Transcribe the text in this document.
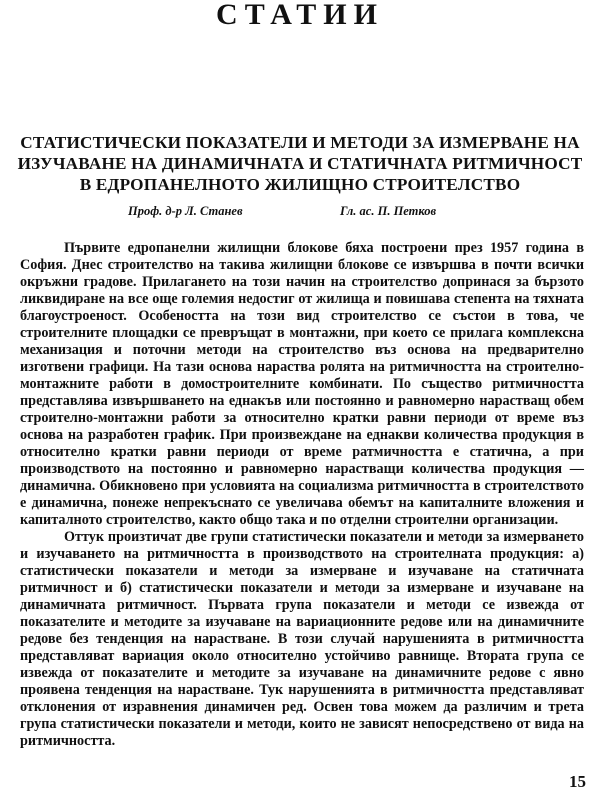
СТАТИИ
СТАТИСТИЧЕСКИ ПОКАЗАТЕЛИ И МЕТОДИ ЗА ИЗМЕРВАНЕ НА
ИЗУЧАВАНЕ НА ДИНАМИЧНАТА И СТАТИЧНАТА РИТМИЧНОСТ
В ЕДРОПАНЕЛНОТО ЖИЛИЩНО СТРОИТЕЛСТВО
Проф. д-р Л. Станев	Гл. ас. П. Петков

Първите едропанелни жилищни блокове бяха построени през 1957 година в София. Днес строителство на такива жилищни блокове се извършва в почти всички окръжни градове. Прилагането на този начин на строителство допринася за бързото ликвидиране на все още големия недостиг от жилища и повишава степента на тяхната благоустроеност. Особеността на този вид строителство се състои в това, че строителните площадки се превръщат в монтажни, при което се прилага комплексна механизация и поточни методи на строителство въз основа на предварително изготвени графици. На тази основа нараства ролята на ритмичността на строително-монтажните работи в домостроителните комбинати. По същество ритмичността представлява извършването на еднакъв или постоянно и равномерно нарастващ обем строително-монтажни работи за относително кратки равни периоди от време въз основа на разработен график. При произвеждане на еднакви количества продукция в относително кратки равни периоди от време ратмичността е статична, а при производството на постоянно и равномерно нарастващи количества продукция — динамична. Обикновено при условията на социализма ритмичността в строителството е динамична, понеже непрекъснато се увеличава обемът на капиталните вложения и капиталното строителство, както общо така и по отделни строителни организации.

Оттук произтичат две групи статистически показатели и методи за измерването и изучаването на ритмичността в производството на строителната продукция: а) статистически показатели и методи за измерване и изучаване на статичната ритмичност и б) статистически показатели и методи за измерване и изучаване на динамичната ритмичност. Първата група показатели и методи се извежда от показателите и методите за изучаване на вариационните редове или на динамичните редове без тенденция на нарастване. В този случай нарушенията в ритмичността представляват вариация около относително устойчиво равнище. Втората група се извежда от показателите и методите за изучаване на динамичните редове с явно проявена тенденция на нарастване. Тук нарушенията в ритмичността представляват отклонения от изравнения динамичен ред. Освен това можем да различим и трета група статистически показатели и методи, които не зависят непосредствено от вида на ритмичността.

15
